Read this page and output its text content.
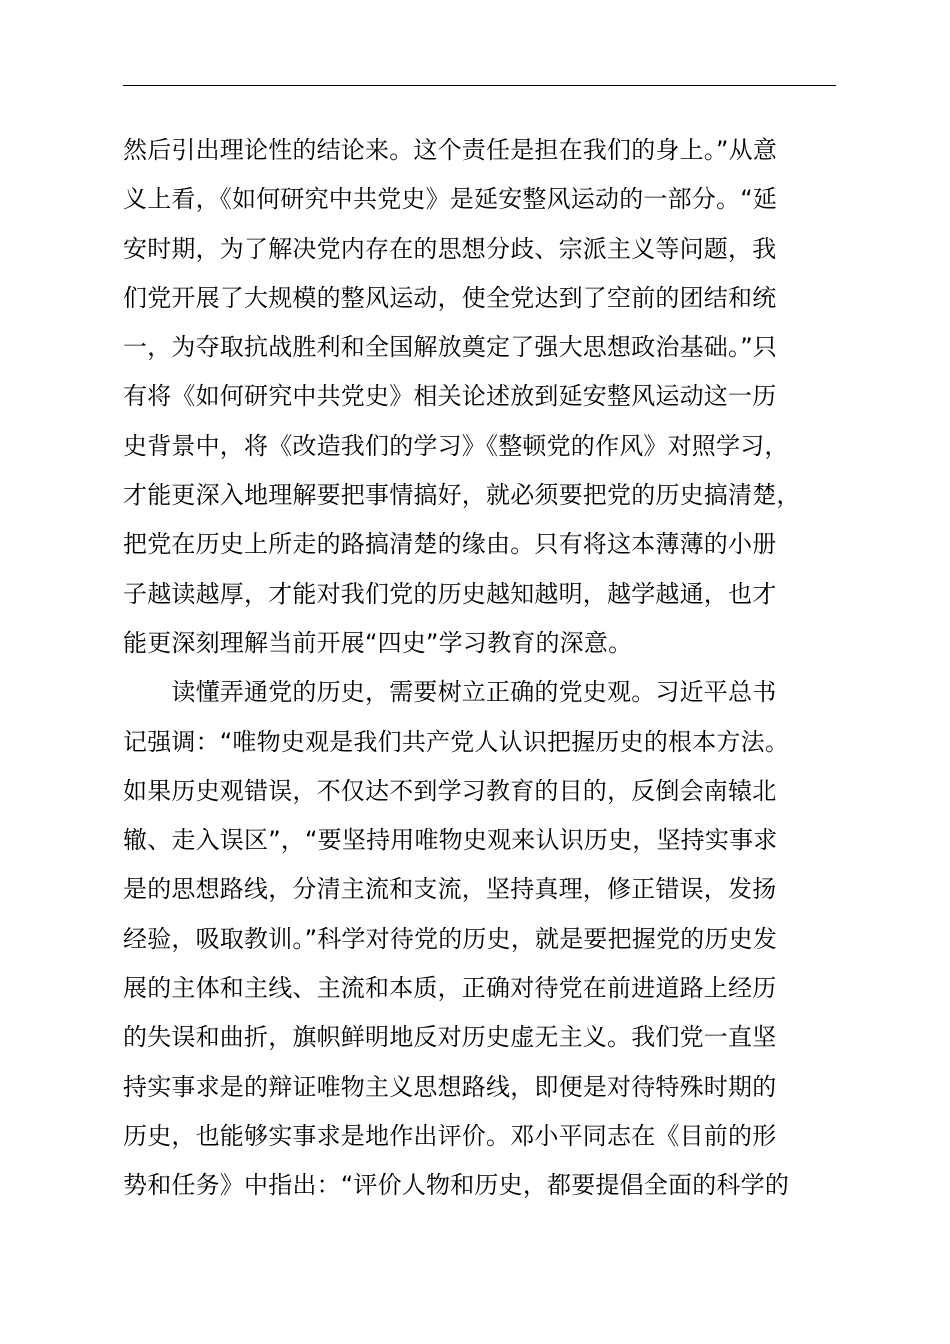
然后引出理论性的结论来。这个责任是担在我们的身上。”从意
义上看，《如何研究中共党史》是延安整风运动的一部分。“延
安时期，为了解决党内存在的思想分歧、宗派主义等问题，我
们党开展了大规模的整风运动，使全党达到了空前的团结和统
一，为夺取抗战胜利和全国解放奠定了强大思想政治基础。”只
有将《如何研究中共党史》相关论述放到延安整风运动这一历
史背景中，将《改造我们的学习》《整顿党的作风》对照学习，
才能更深入地理解要把事情搞好，就必须要把党的历史搞清楚，
把党在历史上所走的路搞清楚的缘由。只有将这本薄薄的小册
子越读越厚，才能对我们党的历史越知越明，越学越通，也才
能更深刻理解当前开展“四史”学习教育的深意。
　　读懂弄通党的历史，需要树立正确的党史观。习近平总书
记强调：“唯物史观是我们共产党人认识把握历史的根本方法。
如果历史观错误，不仅达不到学习教育的目的，反倒会南辕北
辙、走入误区”，“要坚持用唯物史观来认识历史，坚持实事求
是的思想路线，分清主流和支流，坚持真理，修正错误，发扬
经验，吸取教训。”科学对待党的历史，就是要把握党的历史发
展的主体和主线、主流和本质，正确对待党在前进道路上经历
的失误和曲折，旗帜鲜明地反对历史虚无主义。我们党一直坚
持实事求是的辩证唯物主义思想路线，即便是对待特殊时期的
历史，也能够实事求是地作出评价。邓小平同志在《目前的形
势和任务》中指出：“评价人物和历史，都要提倡全面的科学的
